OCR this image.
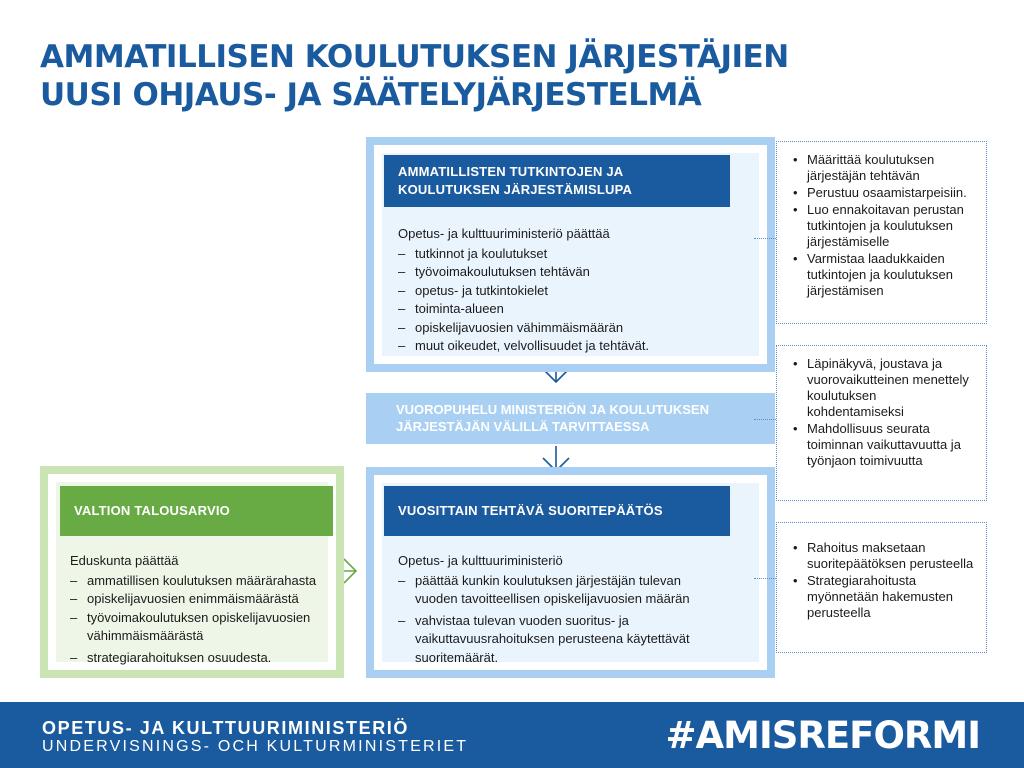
AMMATILLISEN KOULUTUKSEN JÄRJESTÄJIEN
UUSI OHJAUS- JA SÄÄTELYJÄRJESTELMÄ
AMMATILLISTEN TUTKINTOJEN JA
KOULUTUKSEN JÄRJESTÄMISLUPA
Opetus- ja kulttuuriministeriö päättää
– tutkinnot ja koulutukset
– työvoimakoulutuksen tehtävän
– opetus- ja tutkintokielet
– toiminta-alueen
– opiskelijavuosien vähimmäismäärän
– muut oikeudet, velvollisuudet ja tehtävät.
VUOROPUHELU MINISTERIÖN JA KOULUTUKSEN
JÄRJESTÄJÄN VÄLILLÄ TARVITTAESSA
VUOSITTAIN TEHTÄVÄ SUORITEPÄÄTÖS
Opetus- ja kulttuuriministeriö
– päättää kunkin koulutuksen järjestäjän tulevan vuoden tavoitteellisen opiskelijavuosien määrän
– vahvistaa tulevan vuoden suoritus- ja vaikuttavuusrahoituksen perusteena käytettävät suoritemäärät.
VALTION TALOUSARVIO
Eduskunta päättää
– ammatillisen koulutuksen määrärahasta
– opiskelijavuosien enimmäismäärästä
– työvoimakoulutuksen opiskelijavuosien vähimmäismäärästä
– strategiarahoituksen osuudesta.
• Määrittää koulutuksen järjestäjän tehtävän
• Perustuu osaamistarpeisiin.
• Luo ennakoitavan perustan tutkintojen ja koulutuksen järjestämiselle
• Varmistaa laadukkaiden tutkintojen ja koulutuksen järjestämisen
• Läpinäkyvä, joustava ja vuorovaikutteinen menettely koulutuksen kohdentamiseksi
• Mahdollisuus seurata toiminnan vaikuttavuutta ja työnjaon toimivuutta
• Rahoitus maksetaan suoritepäätöksen perusteella
• Strategiarahoitusta myönnetään hakemusten perusteella
OPETUS- JA KULTTUURIMINISTERIÖ
UNDERVISNINGS- OCH KULTURMINISTERIET	#AMISREFORMI
